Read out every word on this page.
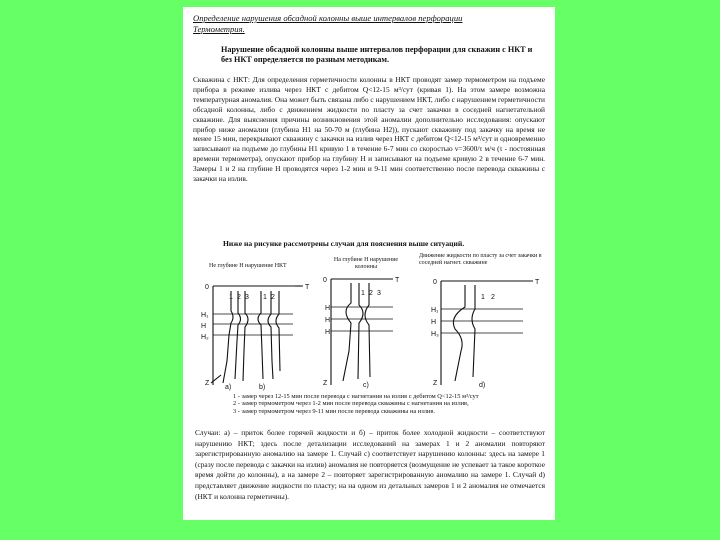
Определение нарушения обсадной колонны выше интервалов перфорации
Термометрия.
Нарушение обсадной колонны выше интервалов перфорации для скважин с НКТ и без НКТ определяется по разным методикам.
Скважина с НКТ: Для определения герметичности колонны в НКТ проводят замер термометром на подъеме прибора в режиме излива через НКТ с дебитом Q<12-15 м³/сут (кривая 1). На этом замере возможна температурная аномалия. Она может быть связана либо с нарушением НКТ, либо с нарушением герметичности обсадной колонны, либо с движением жидкости по пласту за счет закачки в соседней нагнетательной скважине. Для выяснения причины возникновения этой аномалии дополнительно исследования: опускают прибор ниже аномалии (глубина Н1 на 50-70 м (глубина Н2)), пускают скважину под закачку на время не менее 15 мин, перекрывают скважину с закачки на излив через НКТ с дебитом Q<12-15 м³/сут и одновременно записывают на подъеме до глубины Н1 кривую 1 в течение 6-7 мин со скоростью v=3600/τ м/ч (τ - постоянная времени термометра), опускают прибор на глубину Н и записывают на подъеме кривую 2 в течение 6-7 мин. Замеры 1 и 2 на глубине Н проводятся через 1-2 мин и 9-11 мин соответственно после перевода скважины с закачки на излив.
Ниже на рисунке рассмотрены случаи для пояснения выше ситуаций.
Не глубине Н нарушение НКТ
На глубине Н нарушение колонны
Движение жидкости по пласту за счет закачки в соседней нагнет. скважине
0	T
H₁
H
H₂
1 2 3 1 2
Z
а)	b)
0	T
H
H
H
1 2 3
Z	c)
0	T
H₁
H
H₃
1 2
Z	d)
1 - замер через 12-15 мин после перевода с нагнетания на излив с дебитом Q<12-15 м³/сут
2 - замер термометром через 1-2 мин после перевода скважины с нагнетания на излив,
3 - замер термометром через 9-11 мин после перевода скважины на излив.
Случаи: а) – приток более горячей жидкости и б) – приток более холодной жидкости – соответствуют нарушению НКТ; здесь после детализации исследований на замерах 1 и 2 аномалии повторяют зарегистрированную аномалию на замере 1. Случай с) соответствует нарушению колонны: здесь на замере 1 (сразу после перевода с закачки на излив) аномалия не повторяется (возмущение не успевает за такое короткое время дойти до колонны), а на замере 2 – повторяет зарегистрированную аномалию на замере 1. Случай d) представляет движение жидкости по пласту; на на одном из детальных замеров 1 и 2 аномалия не отмечается (НКТ и колонна герметичны).
